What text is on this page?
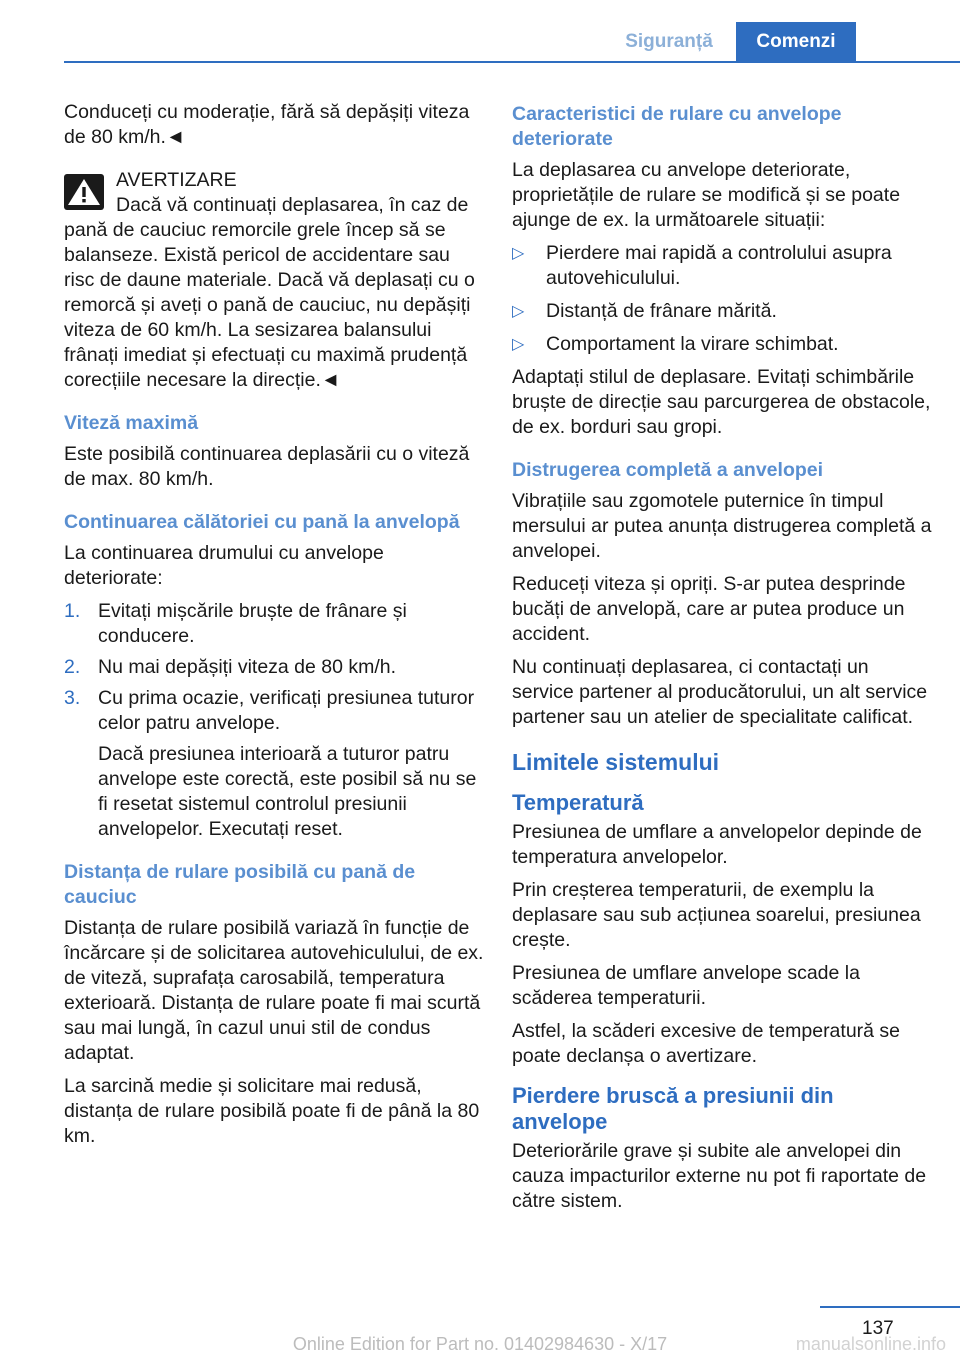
Siguranță	Comenzi

Conduceți cu moderație, fără să depășiți viteza de 80 km/h.◄

AVERTIZARE
Dacă vă continuați deplasarea, în caz de
pană de cauciuc remorcile grele încep să se balanseze. Există pericol de accidentare sau risc de daune materiale. Dacă vă deplasați cu o remorcă și aveți o pană de cauciuc, nu depășiți viteza de 60 km/h. La sesizarea balansului frânați imediat și efectuați cu maximă prudență corecțiile necesare la direcție.◄
Viteză maximă

Este posibilă continuarea deplasării cu o viteză de max. 80 km/h.

Continuarea călătoriei cu pană la anvelopă

La continuarea drumului cu anvelope deteriorate:

1. Evitați mișcările bruște de frânare și conducere.
2. Nu mai depășiți viteza de 80 km/h.
3. Cu prima ocazie, verificați presiunea tuturor celor patru anvelope.
Dacă presiunea interioară a tuturor patru anvelope este corectă, este posibil să nu se fi resetat sistemul controlul presiunii anvelopelor. Executați reset.
Distanța de rulare posibilă cu pană de cauciuc

Distanța de rulare posibilă variază în funcție de încărcare și de solicitarea autovehiculului, de ex. de viteză, suprafața carosabilă, temperatura exterioară. Distanța de rulare poate fi mai scurtă sau mai lungă, în cazul unui stil de condus adaptat.

La sarcină medie și solicitare mai redusă, distanța de rulare posibilă poate fi de până la 80 km.

Caracteristici de rulare cu anvelope deteriorate

La deplasarea cu anvelope deteriorate, proprietățile de rulare se modifică și se poate ajunge de ex. la următoarele situații:

▷ Pierdere mai rapidă a controlului asupra autovehiculului.
▷ Distanță de frânare mărită.
▷ Comportament la virare schimbat.

Adaptați stilul de deplasare. Evitați schimbările bruște de direcție sau parcurgerea de obstacole, de ex. borduri sau gropi.

Distrugerea completă a anvelopei

Vibrațiile sau zgomotele puternice în timpul mersului ar putea anunța distrugerea completă a anvelopei.

Reduceți viteza și opriți. S-ar putea desprinde bucăți de anvelopă, care ar putea produce un accident.

Nu continuați deplasarea, ci contactați un service partener al producătorului, un alt service partener sau un atelier de specialitate calificat.

Limitele sistemului
Temperatură

Presiunea de umflare a anvelopelor depinde de temperatura anvelopelor.

Prin creșterea temperaturii, de exemplu la deplasare sau sub acțiunea soarelui, presiunea crește.

Presiunea de umflare anvelope scade la scăderea temperaturii.

Astfel, la scăderi excesive de temperatură se poate declanșa o avertizare.

Pierdere bruscă a presiunii din anvelope

Deteriorările grave și subite ale anvelopei din cauza impacturilor externe nu pot fi raportate de către sistem.

137
Online Edition for Part no. 01402984630 - X/17	manualsonline.info
